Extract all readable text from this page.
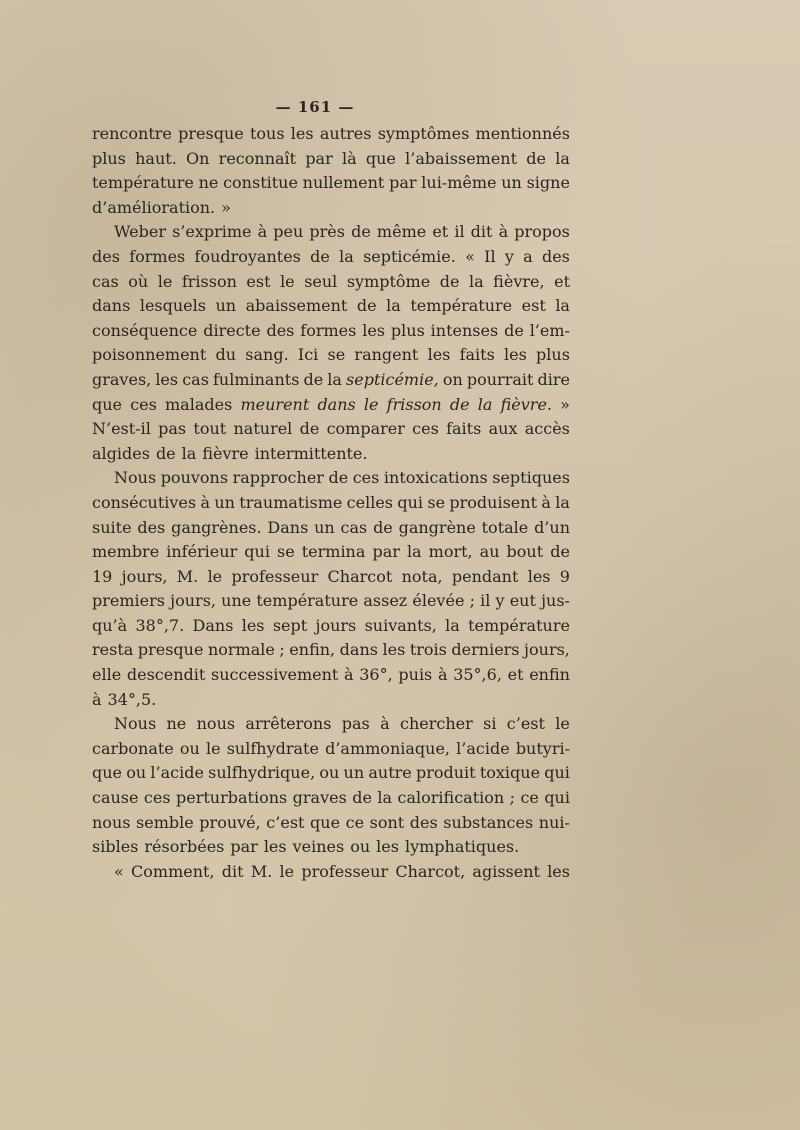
— 161 —
rencontre presque tous les autres symptômes mentionnés
plus haut. On reconnaît par là que l’abaissement de la
température ne constitue nullement par lui-même un signe
d’amélioration. »
Weber s’exprime à peu près de même et il dit à propos
des formes foudroyantes de la septicémie. « Il y a des
cas où le frisson est le seul symptôme de la fièvre, et
dans lesquels un abaissement de la température est la
conséquence directe des formes les plus intenses de l’em-
poisonnement du sang. Ici se rangent les faits les plus
graves, les cas fulminants de la septicémie, on pourrait dire
que ces malades meurent dans le frisson de la fièvre. »
N’est-il pas tout naturel de comparer ces faits aux accès
algides de la fièvre intermittente.
Nous pouvons rapprocher de ces intoxications septiques
consécutives à un traumatisme celles qui se produisent à la
suite des gangrènes. Dans un cas de gangrène totale d’un
membre inférieur qui se termina par la mort, au bout de
19 jours, M. le professeur Charcot nota, pendant les 9
premiers jours, une température assez élevée ; il y eut jus-
qu’à 38°,7. Dans les sept jours suivants, la température
resta presque normale ; enfin, dans les trois derniers jours,
elle descendit successivement à 36°, puis à 35°,6, et enfin
à 34°,5.
Nous ne nous arrêterons pas à chercher si c’est le
carbonate ou le sulfhydrate d’ammoniaque, l’acide butyri-
que ou l’acide sulfhydrique, ou un autre produit toxique qui
cause ces perturbations graves de la calorification ; ce qui
nous semble prouvé, c’est que ce sont des substances nui-
sibles résorbées par les veines ou les lymphatiques.
« Comment, dit M. le professeur Charcot, agissent les
